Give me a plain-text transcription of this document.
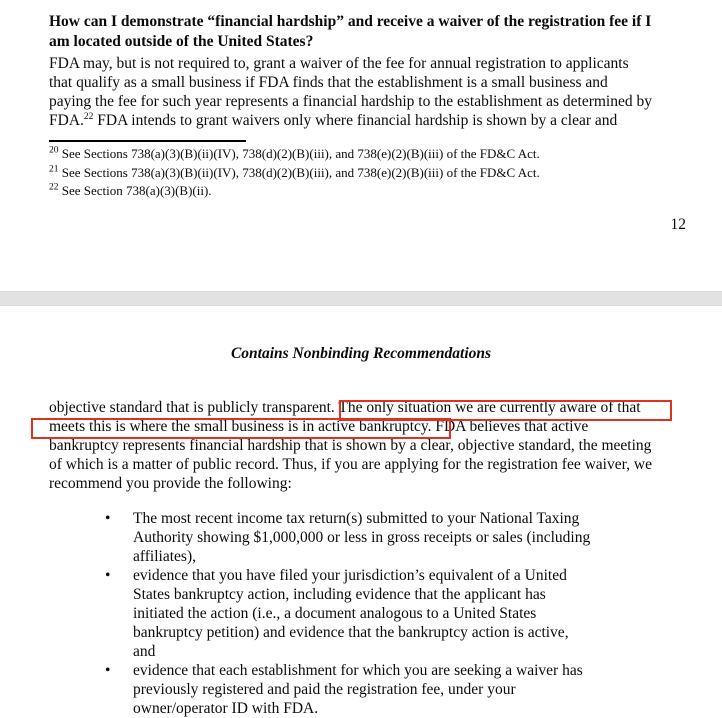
How can I demonstrate “financial hardship” and receive a waiver of the registration fee if I
am located outside of the United States?
FDA may, but is not required to, grant a waiver of the fee for annual registration to applicants
that qualify as a small business if FDA finds that the establishment is a small business and
paying the fee for such year represents a financial hardship to the establishment as determined by
FDA.$^{22}$ FDA intends to grant waivers only where financial hardship is shown by a clear and
$^{20}$ See Sections 738(a)(3)(B)(ii)(IV), 738(d)(2)(B)(iii), and 738(e)(2)(B)(iii) of the FD&C Act.
$^{21}$ See Sections 738(a)(3)(B)(ii)(IV), 738(d)(2)(B)(iii), and 738(e)(2)(B)(iii) of the FD&C Act.
$^{22}$ See Section 738(a)(3)(B)(ii).
12
Contains Nonbinding Recommendations
objective standard that is publicly transparent. The only situation we are currently aware of that
meets this is where the small business is in active bankruptcy. FDA believes that active
bankruptcy represents financial hardship that is shown by a clear, objective standard, the meeting
of which is a matter of public record. Thus, if you are applying for the registration fee waiver, we
recommend you provide the following:
•	The most recent income tax return(s) submitted to your National Taxing
Authority showing $1,000,000 or less in gross receipts or sales (including
affiliates),
•	evidence that you have filed your jurisdiction’s equivalent of a United
States bankruptcy action, including evidence that the applicant has
initiated the action (i.e., a document analogous to a United States
bankruptcy petition) and evidence that the bankruptcy action is active,
and
•	evidence that each establishment for which you are seeking a waiver has
previously registered and paid the registration fee, under your
owner/operator ID with FDA.
